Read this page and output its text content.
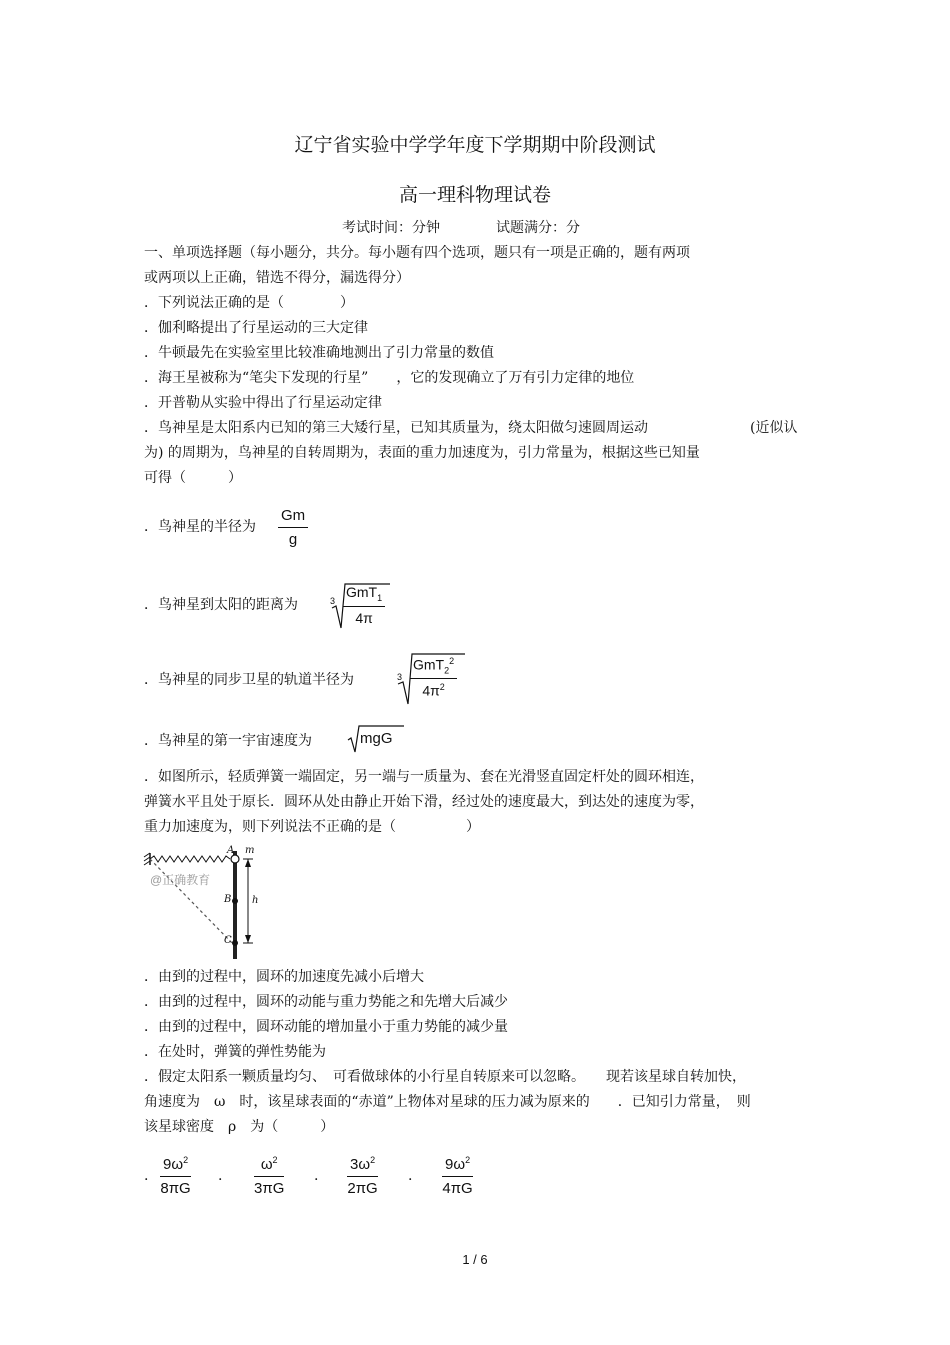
辽宁省实验中学学年度下学期期中阶段测试
高一理科物理试卷
考试时间：分钟　　　　试题满分：分
一、单项选择题（每小题分，共分。每小题有四个选项，题只有一项是正确的，题有两项
或两项以上正确，错选不得分，漏选得分）
．下列说法正确的是（　　　　）
．伽利略提出了行星运动的三大定律
．牛顿最先在实验室里比较准确地测出了引力常量的数值
．海王星被称为“笔尖下发现的行星”　　，它的发现确立了万有引力定律的地位
．开普勒从实验中得出了行星运动定律
．鸟神星是太阳系内已知的第三大矮行星，已知其质量为，绕太阳做匀速圆周运动	(近似认
为) 的周期为，鸟神星的自转周期为，表面的重力加速度为，引力常量为，根据这些已知量
可得（　　　）
．鸟神星的半径为 $\frac{Gm}{g}$
．鸟神星到太阳的距离为	3
GmT$_1$
4π
．鸟神星的同步卫星的轨道半径为	3
GmT$_2^2$
$4\pi^2$
．鸟神星的第一宇宙速度为	mgG
．如图所示，轻质弹簧一端固定，另一端与一质量为、套在光滑竖直固定杆处的圆环相连，
弹簧水平且处于原长．圆环从处由静止开始下滑，经过处的速度最大，到达处的速度为零，
重力加速度为，则下列说法不正确的是（　　　　　）
A m
B
C
h
@正确教育
．由到的过程中，圆环的加速度先减小后增大
．由到的过程中，圆环的动能与重力势能之和先增大后减少
．由到的过程中，圆环动能的增加量小于重力势能的减少量
．在处时，弹簧的弹性势能为
．假定太阳系一颗质量均匀、　可看做球体的小行星自转原来可以忽略。　　现若该星球自转加快，
角速度为　ω　时，该星球表面的“赤道”上物体对星球的压力减为原来的　　．已知引力常量，　则
该星球密度　ρ　为（　　　）
. $\frac{9\omega^2}{8\pi G}$ . $\frac{\omega^2}{3\pi G}$ . $\frac{3\omega^2}{2\pi G}$ . $\frac{9\omega^2}{4\pi G}$
1 / 6
